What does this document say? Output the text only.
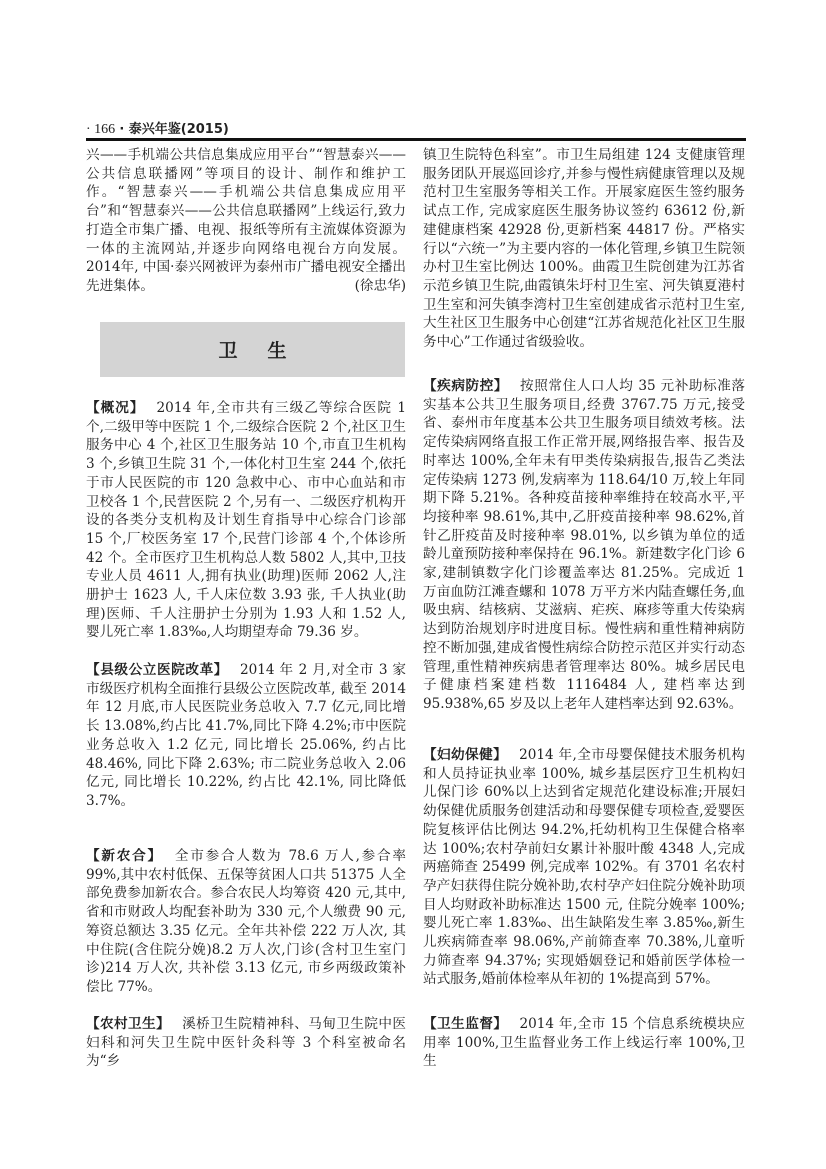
· 166 · 泰兴年鉴(2015)
兴——手机端公共信息集成应用平台”“智慧泰兴——公共信息联播网”等项目的设计、制作和维护工作。“智慧泰兴——手机端公共信息集成应用平台”和“智慧泰兴——公共信息联播网”上线运行,致力打造全市集广播、电视、报纸等所有主流媒体资源为一体的主流网站,并逐步向网络电视台方向发展。2014年, 中国·泰兴网被评为泰州市广播电视安全播出先进集体。	(徐忠华)
卫生
【概况】 2014 年,全市共有三级乙等综合医院 1 个,二级甲等中医院 1 个,二级综合医院 2 个,社区卫生服务中心 4 个,社区卫生服务站 10 个,市直卫生机构 3 个,乡镇卫生院 31 个,一体化村卫生室 244 个,依托于市人民医院的市 120 急救中心、市中心血站和市卫校各 1 个,民营医院 2 个,另有一、二级医疗机构开设的各类分支机构及计划生育指导中心综合门诊部 15 个,厂校医务室 17 个,民营门诊部 4 个,个体诊所 42 个。全市医疗卫生机构总人数 5802 人,其中,卫技专业人员 4611 人,拥有执业(助理)医师 2062 人,注册护士 1623 人, 千人床位数 3.93 张, 千人执业(助理)医师、千人注册护士分别为 1.93 人和 1.52 人, 婴儿死亡率 1.83‰,人均期望寿命 79.36 岁。
【县级公立医院改革】 2014 年 2 月,对全市 3 家市级医疗机构全面推行县级公立医院改革, 截至 2014 年 12 月底,市人民医院业务总收入 7.7 亿元,同比增长 13.08%,约占比 41.7%,同比下降 4.2%;市中医院业务总收入 1.2 亿元, 同比增长 25.06%, 约占比 48.46%, 同比下降 2.63%; 市二院业务总收入 2.06 亿元, 同比增长 10.22%, 约占比 42.1%, 同比降低 3.7%。
【新农合】 全市参合人数为 78.6 万人,参合率 99%,其中农村低保、五保等贫困人口共 51375 人全部免费参加新农合。参合农民人均筹资 420 元,其中,省和市财政人均配套补助为 330 元,个人缴费 90 元,筹资总额达 3.35 亿元。全年共补偿 222 万人次, 其中住院(含住院分娩)8.2 万人次,门诊(含村卫生室门诊)214 万人次, 共补偿 3.13 亿元, 市乡两级政策补偿比 77%。
【农村卫生】 溪桥卫生院精神科、马甸卫生院中医妇科和河失卫生院中医针灸科等 3 个科室被命名为“乡
镇卫生院特色科室”。市卫生局组建 124 支健康管理服务团队开展巡回诊疗,并参与慢性病健康管理以及规范村卫生室服务等相关工作。开展家庭医生签约服务试点工作, 完成家庭医生服务协议签约 63612 份,新建健康档案 42928 份,更新档案 44817 份。严格实行以“六统一”为主要内容的一体化管理,乡镇卫生院领办村卫生室比例达 100%。曲霞卫生院创建为江苏省示范乡镇卫生院,曲霞镇朱圩村卫生室、河失镇夏港村卫生室和河失镇李湾村卫生室创建成省示范村卫生室,大生社区卫生服务中心创建“江苏省规范化社区卫生服务中心”工作通过省级验收。
【疾病防控】 按照常住人口人均 35 元补助标准落实基本公共卫生服务项目,经费 3767.75 万元,接受省、泰州市年度基本公共卫生服务项目绩效考核。法定传染病网络直报工作正常开展,网络报告率、报告及时率达 100%,全年未有甲类传染病报告,报告乙类法定传染病 1273 例,发病率为 118.64/10 万,较上年同期下降 5.21%。各种疫苗接种率维持在较高水平,平均接种率 98.61%,其中,乙肝疫苗接种率 98.62%,首针乙肝疫苗及时接种率 98.01%, 以乡镇为单位的适龄儿童预防接种率保持在 96.1%。新建数字化门诊 6 家,建制镇数字化门诊覆盖率达 81.25%。完成近 1 万亩血防江滩查螺和 1078 万平方米内陆查螺任务,血吸虫病、结核病、艾滋病、疟疾、麻疹等重大传染病达到防治规划序时进度目标。慢性病和重性精神病防控不断加强,建成省慢性病综合防控示范区并实行动态管理,重性精神疾病患者管理率达 80%。城乡居民电子健康档案建档数 1116484 人, 建档率达到 95.938%,65 岁及以上老年人建档率达到 92.63%。
【妇幼保健】 2014 年,全市母婴保健技术服务机构和人员持证执业率 100%, 城乡基层医疗卫生机构妇儿保门诊 60%以上达到省定规范化建设标准;开展妇幼保健优质服务创建活动和母婴保健专项检查,爱婴医院复核评估比例达 94.2%,托幼机构卫生保健合格率达 100%;农村孕前妇女累计补服叶酸 4348 人,完成两癌筛查 25499 例,完成率 102%。有 3701 名农村孕产妇获得住院分娩补助,农村孕产妇住院分娩补助项目人均财政补助标准达 1500 元, 住院分娩率 100%;婴儿死亡率 1.83‰、出生缺陷发生率 3.85‰,新生儿疾病筛查率 98.06%,产前筛查率 70.38%,儿童听力筛查率 94.37%; 实现婚姻登记和婚前医学体检一站式服务,婚前体检率从年初的 1%提高到 57%。
【卫生监督】 2014 年,全市 15 个信息系统模块应用率 100%,卫生监督业务工作上线运行率 100%,卫生
